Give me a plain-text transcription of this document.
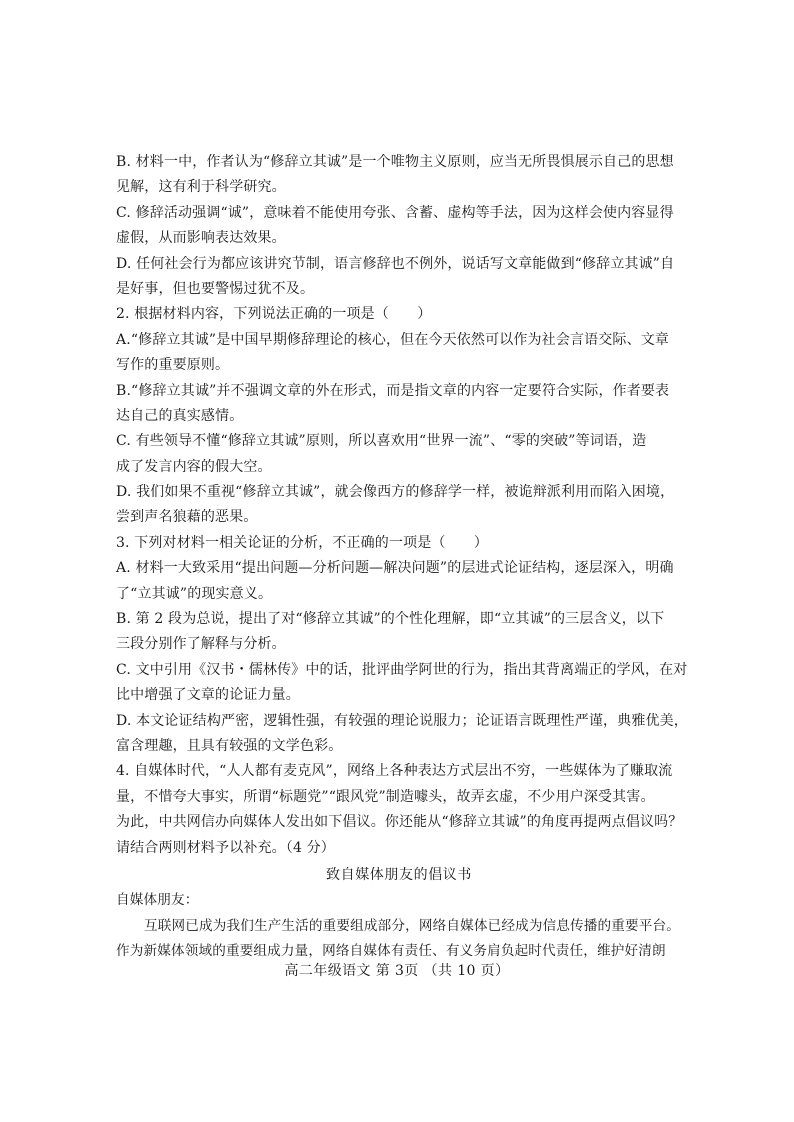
B. 材料一中，作者认为“修辞立其诚”是一个唯物主义原则，应当无所畏惧展示自己的思想
见解，这有利于科学研究。
C. 修辞活动强调“诚”，意味着不能使用夸张、含蓄、虚构等手法，因为这样会使内容显得
虚假，从而影响表达效果。
D. 任何社会行为都应该讲究节制，语言修辞也不例外，说话写文章能做到“修辞立其诚”自
是好事，但也要警惕过犹不及。
2. 根据材料内容，下列说法正确的一项是（　　）
A.“修辞立其诚”是中国早期修辞理论的核心，但在今天依然可以作为社会言语交际、文章
写作的重要原则。
B.“修辞立其诚”并不强调文章的外在形式，而是指文章的内容一定要符合实际，作者要表
达自己的真实感情。
C. 有些领导不懂“修辞立其诚”原则，所以喜欢用“世界一流”、“零的突破”等词语，造
成了发言内容的假大空。
D. 我们如果不重视“修辞立其诚”，就会像西方的修辞学一样，被诡辩派利用而陷入困境，
尝到声名狼藉的恶果。
3. 下列对材料一相关论证的分析，不正确的一项是（　　）
A. 材料一大致采用“提出问题—分析问题—解决问题”的层进式论证结构，逐层深入，明确
了“立其诚”的现实意义。
B. 第 2 段为总说，提出了对“修辞立其诚”的个性化理解，即“立其诚”的三层含义，以下
三段分别作了解释与分析。
C. 文中引用《汉书・儒林传》中的话，批评曲学阿世的行为，指出其背离端正的学风，在对
比中增强了文章的论证力量。
D. 本文论证结构严密，逻辑性强，有较强的理论说服力；论证语言既理性严谨，典雅优美，
富含理趣，且具有较强的文学色彩。
4. 自媒体时代，“人人都有麦克风”，网络上各种表达方式层出不穷，一些媒体为了赚取流
量，不惜夸大事实，所谓“标题党”“跟风党”制造噱头，故弄玄虚，不少用户深受其害。
为此，中共网信办向媒体人发出如下倡议。你还能从“修辞立其诚”的角度再提两点倡议吗？
请结合两则材料予以补充。（4 分）
致自媒体朋友的倡议书
自媒体朋友：
互联网已成为我们生产生活的重要组成部分，网络自媒体已经成为信息传播的重要平台。
作为新媒体领域的重要组成力量，网络自媒体有责任、有义务肩负起时代责任，维护好清朗
高二年级语文 第 3页 （共 10 页）
